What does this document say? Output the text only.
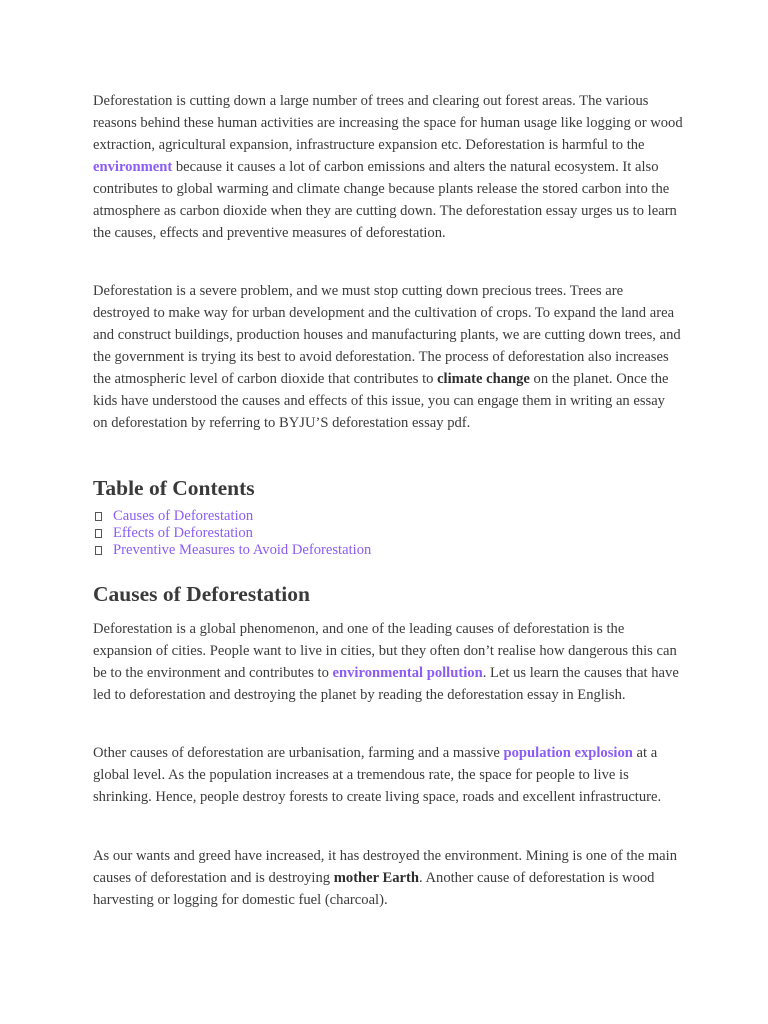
Deforestation is cutting down a large number of trees and clearing out forest areas. The various reasons behind these human activities are increasing the space for human usage like logging or wood extraction, agricultural expansion, infrastructure expansion etc. Deforestation is harmful to the environment because it causes a lot of carbon emissions and alters the natural ecosystem. It also contributes to global warming and climate change because plants release the stored carbon into the atmosphere as carbon dioxide when they are cutting down. The deforestation essay urges us to learn the causes, effects and preventive measures of deforestation.

Deforestation is a severe problem, and we must stop cutting down precious trees. Trees are destroyed to make way for urban development and the cultivation of crops. To expand the land area and construct buildings, production houses and manufacturing plants, we are cutting down trees, and the government is trying its best to avoid deforestation. The process of deforestation also increases the atmospheric level of carbon dioxide that contributes to climate change on the planet. Once the kids have understood the causes and effects of this issue, you can engage them in writing an essay on deforestation by referring to BYJU’S deforestation essay pdf.

Table of Contents
Causes of Deforestation
Effects of Deforestation
Preventive Measures to Avoid Deforestation
Causes of Deforestation

Deforestation is a global phenomenon, and one of the leading causes of deforestation is the expansion of cities. People want to live in cities, but they often don’t realise how dangerous this can be to the environment and contributes to environmental pollution. Let us learn the causes that have led to deforestation and destroying the planet by reading the deforestation essay in English.

Other causes of deforestation are urbanisation, farming and a massive population explosion at a global level. As the population increases at a tremendous rate, the space for people to live is shrinking. Hence, people destroy forests to create living space, roads and excellent infrastructure.

As our wants and greed have increased, it has destroyed the environment. Mining is one of the main causes of deforestation and is destroying mother Earth. Another cause of deforestation is wood harvesting or logging for domestic fuel (charcoal).
